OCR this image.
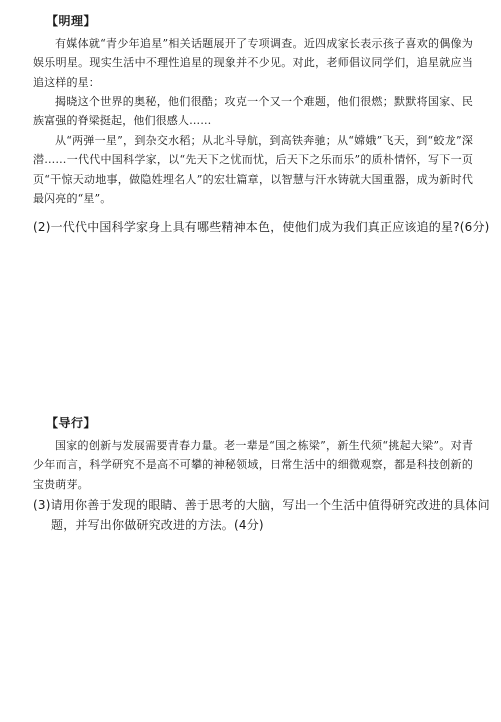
【明理】
有媒体就“青少年追星”相关话题展开了专项调查。近四成家长表示孩子喜欢的偶像为娱乐明星。现实生活中不理性追星的现象并不少见。对此，老师倡议同学们，追星就应当追这样的星：
揭晓这个世界的奥秘，他们很酷；攻克一个又一个难题，他们很燃；默默将国家、民族富强的脊梁挺起，他们很感人……
从“两弹一星”，到杂交水稻；从北斗导航，到高铁奔驰；从“嫦娥”飞天，到“蛟龙”深潜……一代代中国科学家，以“先天下之忧而忧，后天下之乐而乐”的质朴情怀，写下一页页“干惊天动地事，做隐姓埋名人”的宏壮篇章，以智慧与汗水铸就大国重器，成为新时代最闪亮的“星”。
(2)一代代中国科学家身上具有哪些精神本色，使他们成为我们真正应该追的星?(6分)
【导行】
国家的创新与发展需要青春力量。老一辈是“国之栋梁”，新生代须“挑起大梁”。对青少年而言，科学研究不是高不可攀的神秘领域，日常生活中的细微观察，都是科技创新的宝贵萌芽。
(3)请用你善于发现的眼睛、善于思考的大脑，写出一个生活中值得研究改进的具体问题，并写出你做研究改进的方法。(4分)
